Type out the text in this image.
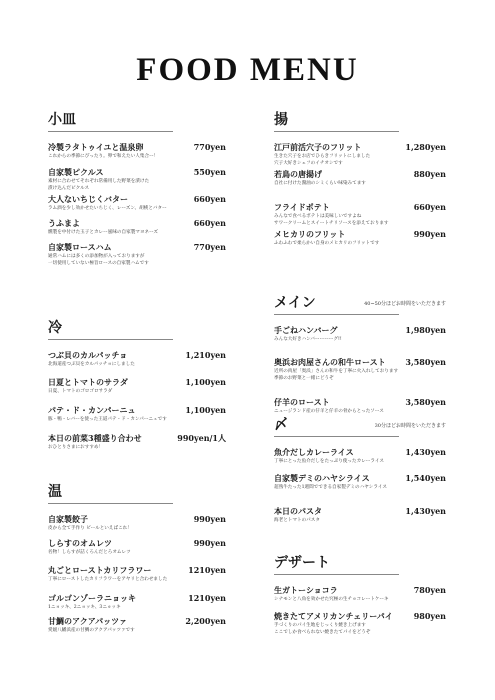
FOOD MENU
小皿
冷製ラタトゥイユと温泉卵	770yen
これからの季節にぴったり。卵で和えたい人集合ー！
自家製ピクルス	550yen
素材に合わせてそれぞれ常備用した野菜を漬けた
漬け込んだピクルス
大人ないちじくバター	660yen
ラム酒を少し効かせたいちじく、レーズン、胡桃とバター
うふまよ	660yen
燻製を中付けた玉子とカレー風味の自家製マヨネーズ
自家製ロースハム	770yen
通常ハムには多くの添加物が入っておりますが
一切使用していない極旨ロースの自家製ハムです
冷
つぶ貝のカルパッチョ	1,210yen
北海道産つぶ貝をカルパッチョにしました
日夏とトマトのサラダ	1,100yen
日夏、トマトのゴロゴロサラダ
パテ・ド・カンパーニュ	1,100yen
豚・鴨・レバーを使った王道パテ・ド・カンパーニュです
本日の前菜3種盛り合わせ	990yen/1人
おひとりさまにおすすめ！
温
自家製餃子	990yen
皮から全て手作り ビールといえばこれ！
しらすのオムレツ	990yen
名物！しらすが詰くろんだとろオムレツ
丸ごとローストカリフラワー	1210yen
丁寧にローストしたカリフラワーをアヤリと合わせました
ゴルゴンゾーラニョッキ	1210yen
1ニョッキ、2ニョッキ、3ニョッキ
甘鯛のアクアパッツァ	2,200yen
愛媛八幡浜産の甘鯛のアクアパッツァです
揚
江戸前活穴子のフリット	1,280yen
生きた穴子をお店でひらきフリットにしました
穴子大好きシェフのイチオシです
若鳥の唐揚げ	880yen
自社に付けた醤油のシミくらい味染みてます
フライドポテト	660yen
みんなで食べるポテトは美味しいですよね
サワークリームとスイートチリソースを添えております
メヒカリのフリット	990yen
ふわふわで柔らかい自身のメヒカリのフリットです
メイン	40~50分ほどお時間をいただきます
手ごねハンバーグ	1,980yen
みんな大好きハンバーーーーグ!!
奥浜お肉屋さんの和牛ロースト 3,580yen
近所の肉屋「奥浜」さんの和牛を丁寧に火入れしております
季節のお野菜と一緒にどうぞ
仔羊のロースト	3,580yen
ニュージランド産の仔羊と仔羊の骨からとったソース
〆	30分ほどお時間をいただきます
魚介だしカレーライス	1,430yen
丁寧にとった魚介だしをたっぷり使ったカレーライス
自家製デミのハヤシライス	1,540yen
超熟牛たった1週間でできる自家製デミのハヤシライス
本日のパスタ	1,430yen
海老とトマトのパスタ
デザート
生ガトーショコラ	780yen
シナモンと八角を効かせた究極の生チョコレートケーキ
焼きたてアメリカンチェリーパイ	980yen
手づくりのパイ生地をじっくり焼き上げます
ここでしか食べられない焼きたてパイをどうぞ
